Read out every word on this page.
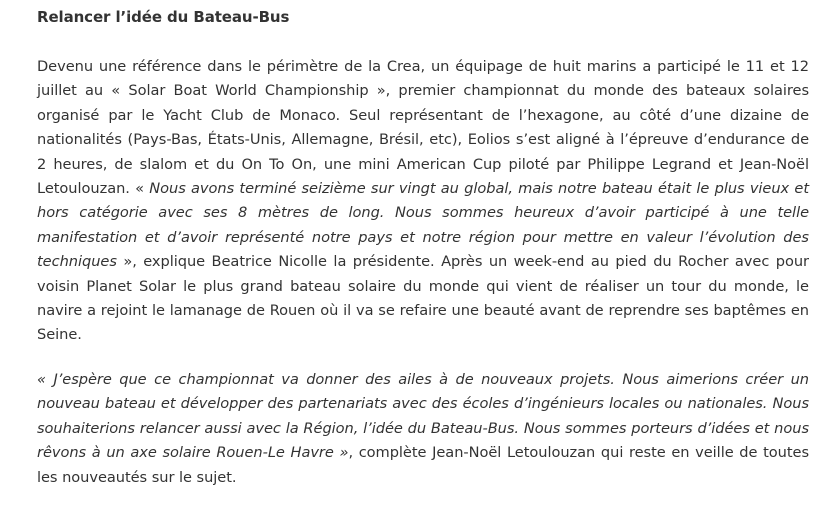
Relancer l’idée du Bateau-Bus

Devenu une référence dans le périmètre de la Crea, un équipage de huit marins a participé le 11 et 12 juillet au « Solar Boat World Championship », premier championnat du monde des bateaux solaires organisé par le Yacht Club de Monaco. Seul représentant de l’hexagone, au côté d’une dizaine de nationalités (Pays-Bas, États-Unis, Allemagne, Brésil, etc), Eolios s’est aligné à l’épreuve d’endurance de 2 heures, de slalom et du On To On, une mini American Cup piloté par Philippe Legrand et Jean-Noël Letoulouzan. « Nous avons terminé seizième sur vingt au global, mais notre bateau était le plus vieux et hors catégorie avec ses 8 mètres de long. Nous sommes heureux d’avoir participé à une telle manifestation et d’avoir représenté notre pays et notre région pour mettre en valeur l’évolution des techniques », explique Beatrice Nicolle la présidente. Après un week-end au pied du Rocher avec pour voisin Planet Solar le plus grand bateau solaire du monde qui vient de réaliser un tour du monde, le navire a rejoint le lamanage de Rouen où il va se refaire une beauté avant de reprendre ses baptêmes en Seine.

« J’espère que ce championnat va donner des ailes à de nouveaux projets. Nous aimerions créer un nouveau bateau et développer des partenariats avec des écoles d’ingénieurs locales ou nationales. Nous souhaiterions relancer aussi avec la Région, l’idée du Bateau-Bus. Nous sommes porteurs d’idées et nous rêvons à un axe solaire Rouen-Le Havre », complète Jean-Noël Letoulouzan qui reste en veille de toutes les nouveautés sur le sujet.
